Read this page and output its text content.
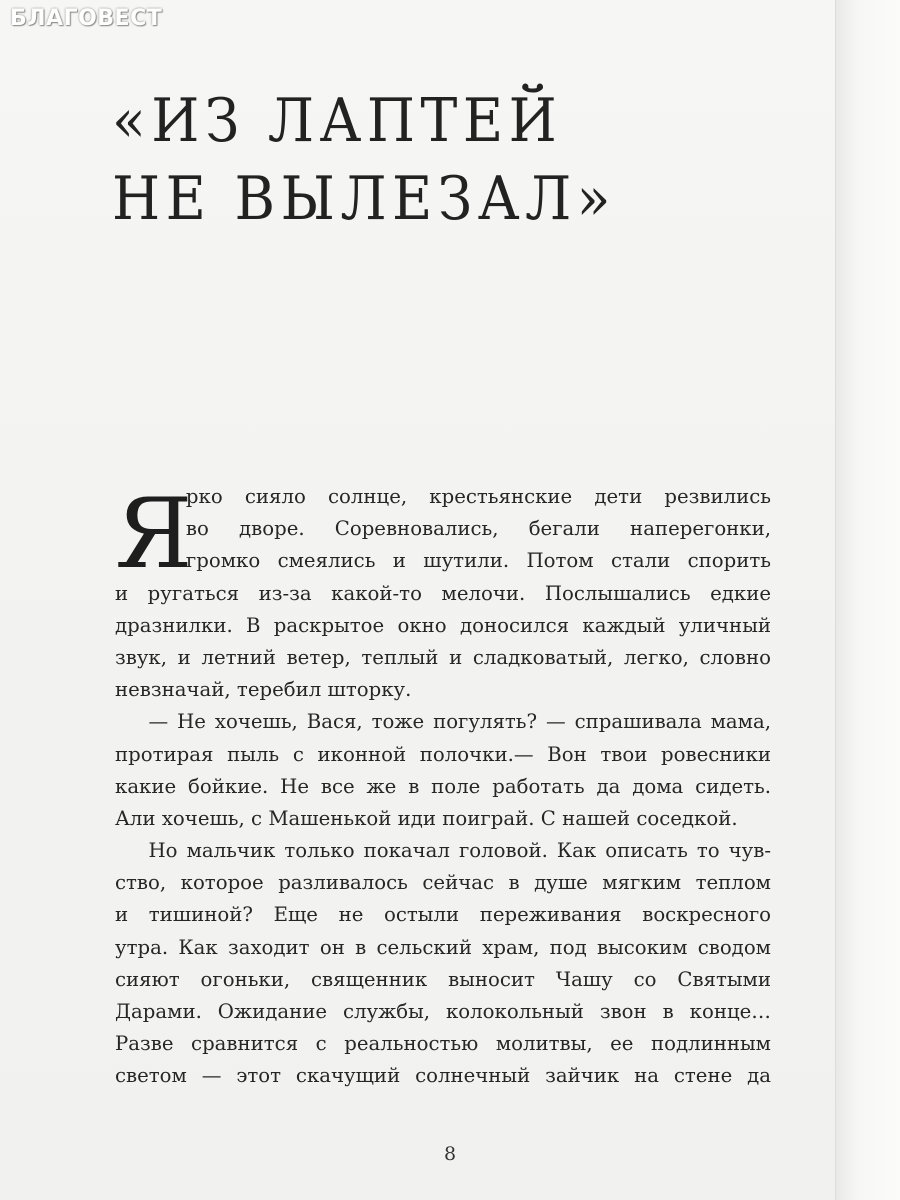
БЛАГОВЕСТ
«ИЗ ЛАПТЕЙ
НЕ ВЫЛЕЗАЛ»
Я
рко сияло солнце, крестьянские дети резвились
во дворе. Соревновались, бегали наперегонки,
громко смеялись и шутили. Потом стали спорить
и ругаться из-за какой-то мелочи. Послышались едкие
дразнилки. В раскрытое окно доносился каждый уличный
звук, и летний ветер, теплый и сладковатый, легко, словно
невзначай, теребил шторку.
— Не хочешь, Вася, тоже погулять? — спрашивала мама,
протирая пыль с иконной полочки.— Вон твои ровесники
какие бойкие. Не все же в поле работать да дома сидеть.
Али хочешь, с Машенькой иди поиграй. С нашей соседкой.
Но мальчик только покачал головой. Как описать то чув-
ство, которое разливалось сейчас в душе мягким теплом
и тишиной? Еще не остыли переживания воскресного
утра. Как заходит он в сельский храм, под высоким сводом
сияют огоньки, священник выносит Чашу со Святыми
Дарами. Ожидание службы, колокольный звон в конце…
Разве сравнится с реальностью молитвы, ее подлинным
светом — этот скачущий солнечный зайчик на стене да
8
